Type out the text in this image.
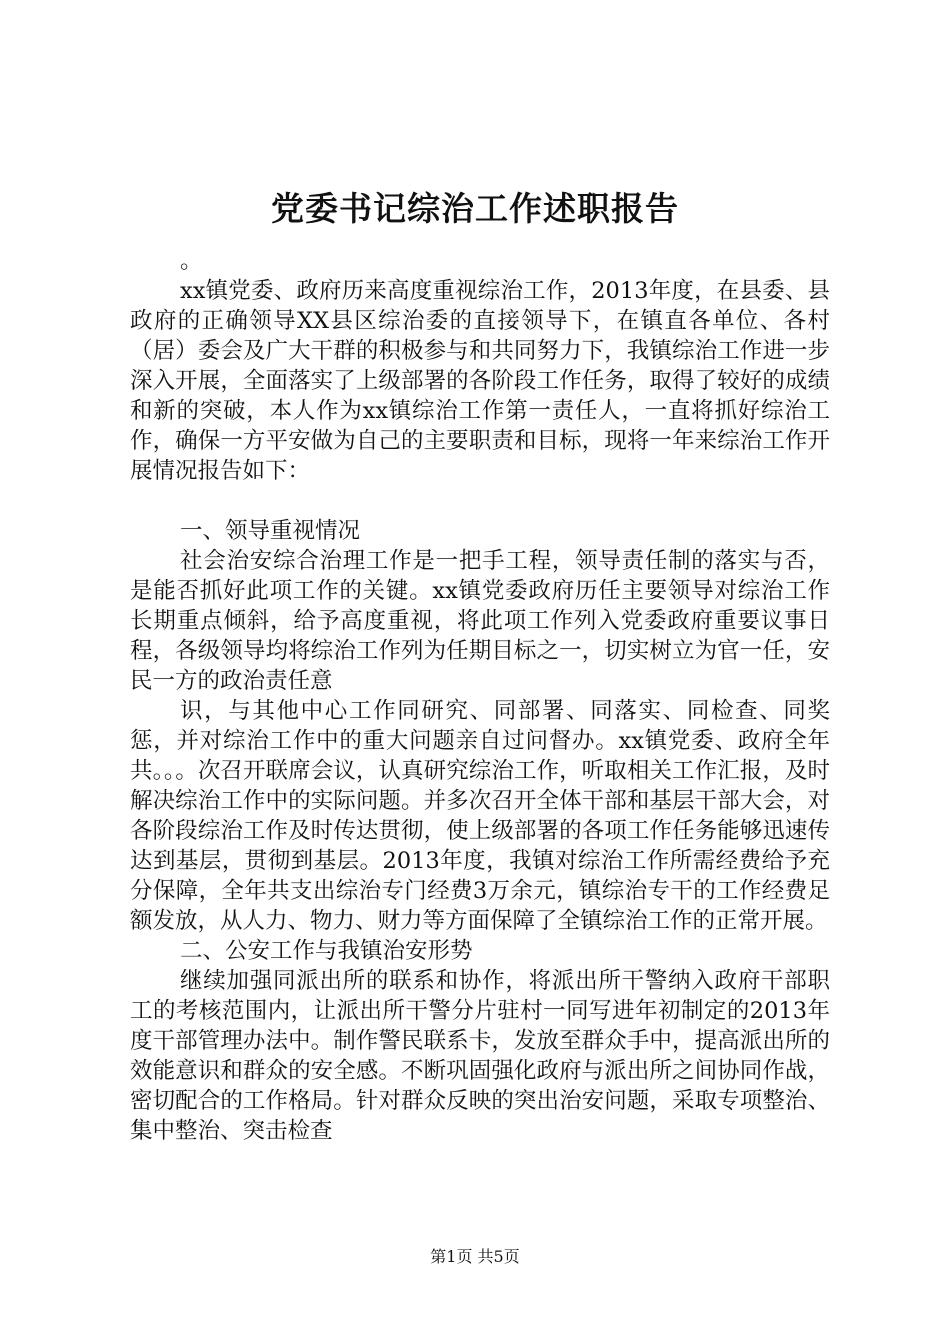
党委书记综治工作述职报告

。

xx镇党委、政府历来高度重视综治工作，2013年度，在县委、县政府的正确领导XX县区综治委的直接领导下，在镇直各单位、各村（居）委会及广大干群的积极参与和共同努力下，我镇综治工作进一步深入开展，全面落实了上级部署的各阶段工作任务，取得了较好的成绩和新的突破，本人作为xx镇综治工作第一责任人，一直将抓好综治工作，确保一方平安做为自己的主要职责和目标，现将一年来综治工作开展情况报告如下：

一、领导重视情况

社会治安综合治理工作是一把手工程，领导责任制的落实与否，是能否抓好此项工作的关键。xx镇党委政府历任主要领导对综治工作长期重点倾斜，给予高度重视，将此项工作列入党委政府重要议事日程，各级领导均将综治工作列为任期目标之一，切实树立为官一任，安民一方的政治责任意

识，与其他中心工作同研究、同部署、同落实、同检查、同奖惩，并对综治工作中的重大问题亲自过问督办。xx镇党委、政府全年共。。。次召开联席会议，认真研究综治工作，听取相关工作汇报，及时解决综治工作中的实际问题。并多次召开全体干部和基层干部大会，对各阶段综治工作及时传达贯彻，使上级部署的各项工作任务能够迅速传达到基层，贯彻到基层。2013年度，我镇对综治工作所需经费给予充分保障，全年共支出综治专门经费3万余元，镇综治专干的工作经费足额发放，从人力、物力、财力等方面保障了全镇综治工作的正常开展。

二、公安工作与我镇治安形势

继续加强同派出所的联系和协作，将派出所干警纳入政府干部职工的考核范围内，让派出所干警分片驻村一同写进年初制定的2013年度干部管理办法中。制作警民联系卡，发放至群众手中，提高派出所的效能意识和群众的安全感。不断巩固强化政府与派出所之间协同作战，密切配合的工作格局。针对群众反映的突出治安问题，采取专项整治、集中整治、突击检查

第1页 共5页
